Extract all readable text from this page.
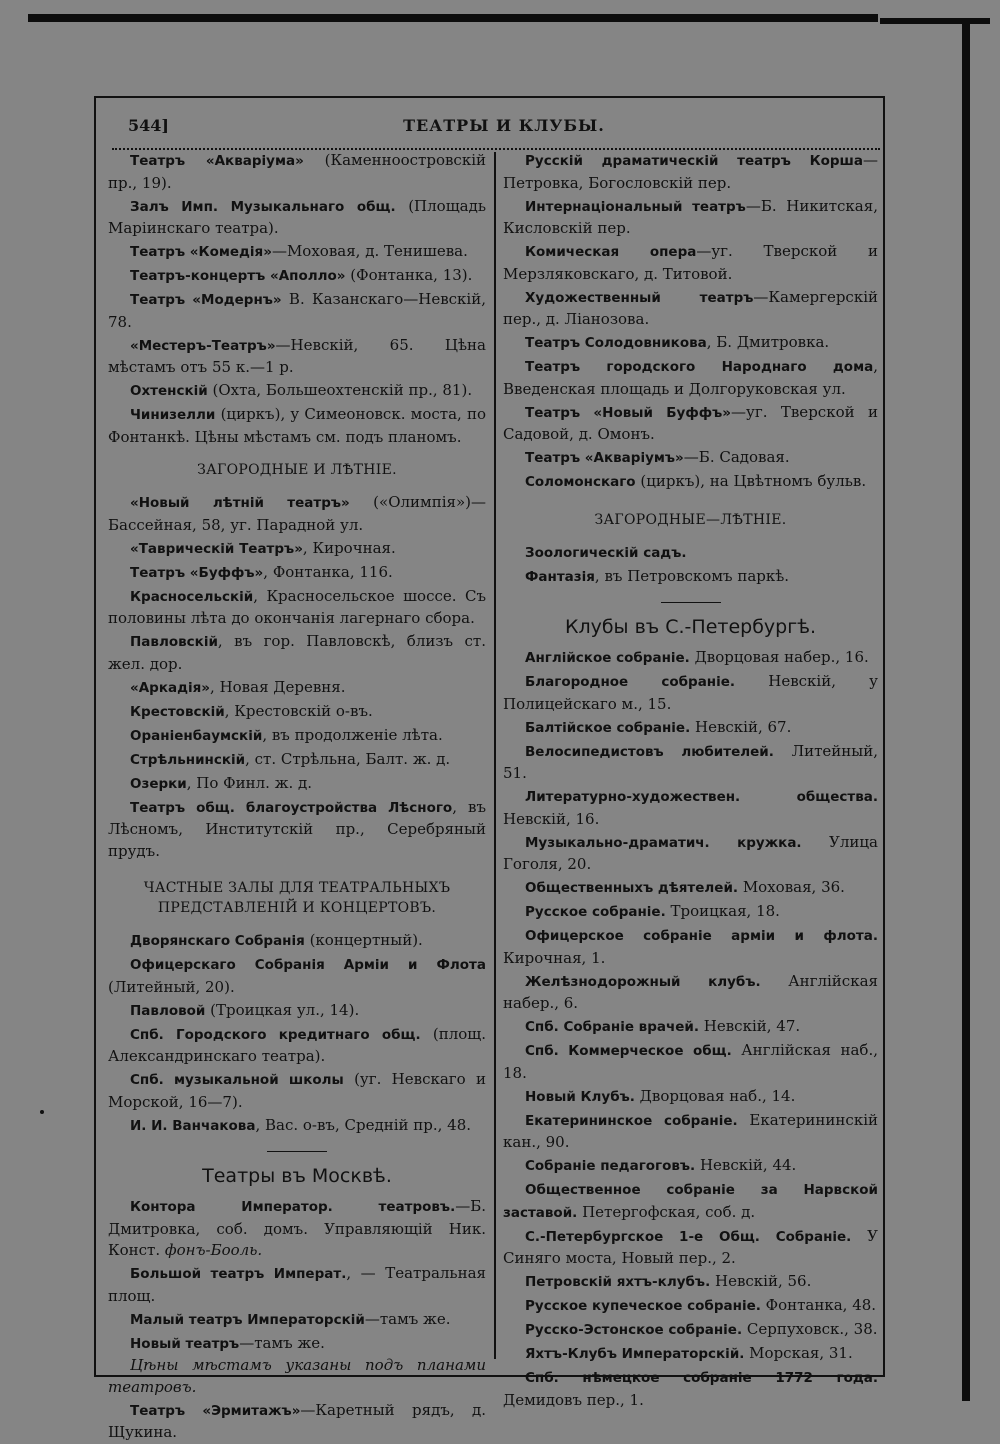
544]	ТЕАТРЫ И КЛУБЫ.

Театръ «Акваріума» (Каменноостровскій пр., 19).

Залъ Имп. Музыкальнаго общ. (Площадь Маріинскаго театра).

Театръ «Комедія»—Моховая, д. Тенишева.

Театръ-концертъ «Аполло» (Фонтанка, 13).

Театръ «Модернъ» В. Казанскаго—Невскій, 78.

«Местеръ-Театръ»—Невскій, 65. Цѣна мѣстамъ отъ 55 к.—1 р.

Охтенскій (Охта, Большеохтенскій пр., 81).

Чинизелли (циркъ), у Симеоновск. моста, по Фонтанкѣ. Цѣны мѣстамъ см. подъ планомъ.

ЗАГОРОДНЫЕ И ЛѢТНІЕ.

«Новый лѣтній театръ» («Олимпія»)—Бассейная, 58, уг. Парадной ул.

«Таврическій Театръ», Кирочная.

Театръ «Буффъ», Фонтанка, 116.

Красносельскій, Красносельское шоссе. Съ половины лѣта до окончанія лагернаго сбора.

Павловскій, въ гор. Павловскѣ, близъ ст. жел. дор.

«Аркадія», Новая Деревня.

Крестовскій, Крестовскій о-въ.

Ораніенбаумскій, въ продолженіе лѣта.

Стрѣльнинскій, ст. Стрѣльна, Балт. ж. д.

Озерки, По Финл. ж. д.

Театръ общ. благоустройства Лѣсного, въ Лѣсномъ, Институтскій пр., Серебряный прудъ.

ЧАСТНЫЕ ЗАЛЫ ДЛЯ ТЕАТРАЛЬНЫХЪ ПРЕДСТАВЛЕНІЙ И КОНЦЕРТОВЪ.

Дворянскаго Собранія (концертный).

Офицерскаго Собранія Арміи и Флота (Литейный, 20).

Павловой (Троицкая ул., 14).

Спб. Городского кредитнаго общ. (площ. Александринскаго театра).

Спб. музыкальной школы (уг. Невскаго и Морской, 16—7).

И. И. Ванчакова, Вас. о-въ, Средній пр., 48.

Театры въ Москвѣ.

Контора Император. театровъ.—Б. Дмитровка, соб. домъ. Управляющій Ник. Конст. фонъ-Бооль.

Большой театръ Императ., — Театральная площ.

Малый театръ Императорскій—тамъ же.

Новый театръ—тамъ же.

Цѣны мѣстамъ указаны подъ планами театровъ.
Театръ «Эрмитажъ»—Каретный рядъ, д. Щукина.

Русскій драматическій театръ Корша—Петровка, Богословскій пер.

Интернаціональный театръ—Б. Никитская, Кисловскій пер.

Комическая опера—уг. Тверской и Мерзляковскаго, д. Титовой.

Художественный театръ—Камергерскій пер., д. Ліанозова.

Театръ Солодовникова, Б. Дмитровка.

Театръ городского Народнаго дома, Введенская площадь и Долгоруковская ул.

Театръ «Новый Буффъ»—уг. Тверской и Садовой, д. Омонъ.

Театръ «Акваріумъ»—Б. Садовая.

Соломонскаго (циркъ), на Цвѣтномъ бульв.

ЗАГОРОДНЫЕ—ЛѢТНІЕ.

Зоологическій садъ.

Фантазія, въ Петровскомъ паркѣ.

Клубы въ С.-Петербургѣ.

Англійское собраніе. Дворцовая набер., 16.

Благородное собраніе. Невскій, у Полицейскаго м., 15.

Балтійское собраніе. Невскій, 67.

Велосипедистовъ любителей. Литейный, 51.

Литературно-художествен. общества. Невскій, 16.

Музыкально-драматич. кружка. Улица Гоголя, 20.

Общественныхъ дѣятелей. Моховая, 36.

Русское собраніе. Троицкая, 18.

Офицерское собраніе арміи и флота. Кирочная, 1.

Желѣзнодорожный клубъ. Англійская набер., 6.

Спб. Собраніе врачей. Невскій, 47.

Спб. Коммерческое общ. Англійская наб., 18.

Новый Клубъ. Дворцовая наб., 14.

Екатерининское собраніе. Екатерининскій кан., 90.

Собраніе педагоговъ. Невскій, 44.

Общественное собраніе за Нарвской заставой. Петергофская, соб. д.

С.-Петербургское 1-е Общ. Собраніе. У Синяго моста, Новый пер., 2.

Петровскій яхтъ-клубъ. Невскій, 56.

Русское купеческое собраніе. Фонтанка, 48.

Русско-Эстонское собраніе. Серпуховск., 38.

Яхтъ-Клубъ Императорскій. Морская, 31.

Спб. нѣмецкое собраніе 1772 года. Демидовъ пер., 1.
